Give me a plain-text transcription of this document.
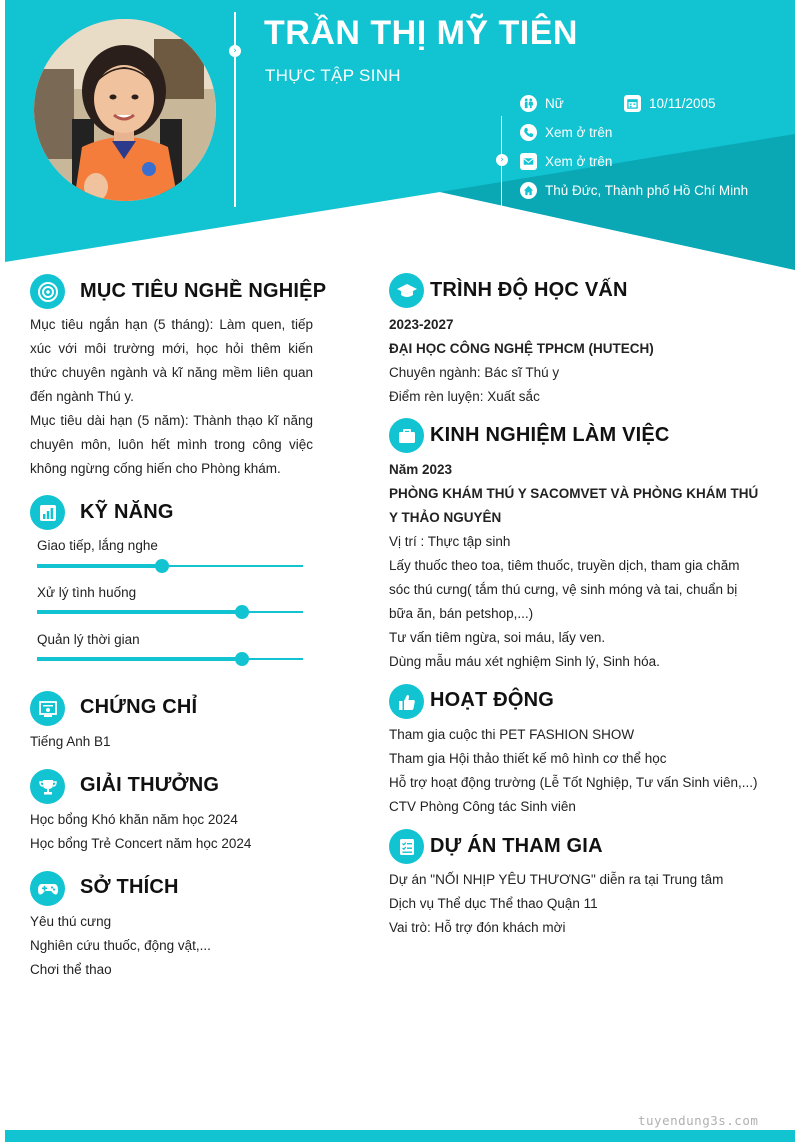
› TRẦN THỊ MỸ TIÊN
THỰC TẬP SINH
›
Nữ	10/11/2005
Xem ở trên
Xem ở trên
Thủ Đức, Thành phố Hồ Chí Minh
MỤC TIÊU NGHỀ NGHIỆP
Mục tiêu ngắn hạn (5 tháng): Làm quen, tiếp xúc với môi trường mới, học hỏi thêm kiến thức chuyên ngành và kĩ năng mềm liên quan đến ngành Thú y.
Mục tiêu dài hạn (5 năm): Thành thạo kĩ năng chuyên môn, luôn hết mình trong công việc không ngừng cống hiến cho Phòng khám.
KỸ NĂNG
Giao tiếp, lắng nghe
Xử lý tình huống
Quản lý thời gian
CHỨNG CHỈ
Tiếng Anh B1
GIẢI THƯỞNG
Học bổng Khó khăn năm học 2024
Học bổng Trẻ Concert năm học 2024
SỞ THÍCH
Yêu thú cưng
Nghiên cứu thuốc, động vật,...
Chơi thể thao
TRÌNH ĐỘ HỌC VẤN
2023-2027
ĐẠI HỌC CÔNG NGHỆ TPHCM (HUTECH)
Chuyên ngành: Bác sĩ Thú y
Điểm rèn luyện: Xuất sắc
KINH NGHIỆM LÀM VIỆC
Năm 2023
PHÒNG KHÁM THÚ Y SACOMVET VÀ PHÒNG KHÁM THÚ
Y THẢO NGUYÊN
Vị trí : Thực tập sinh
Lấy thuốc theo toa, tiêm thuốc, truyền dịch, tham gia chăm
sóc thú cưng( tắm thú cưng, vệ sinh móng và tai, chuẩn bị
bữa ăn, bán petshop,...)
Tư vấn tiêm ngừa, soi máu, lấy ven.
Dùng mẫu máu xét nghiệm Sinh lý, Sinh hóa.
HOẠT ĐỘNG
Tham gia cuộc thi PET FASHION SHOW
Tham gia Hội thảo thiết kế mô hình cơ thể học
Hỗ trợ hoạt động trường (Lễ Tốt Nghiệp, Tư vấn Sinh viên,...)
CTV Phòng Công tác Sinh viên
DỰ ÁN THAM GIA
Dự án "NỐI NHỊP YÊU THƯƠNG" diễn ra tại Trung tâm
Dịch vụ Thể dục Thể thao Quận 11
Vai trò: Hỗ trợ đón khách mời
tuyendung3s.com
